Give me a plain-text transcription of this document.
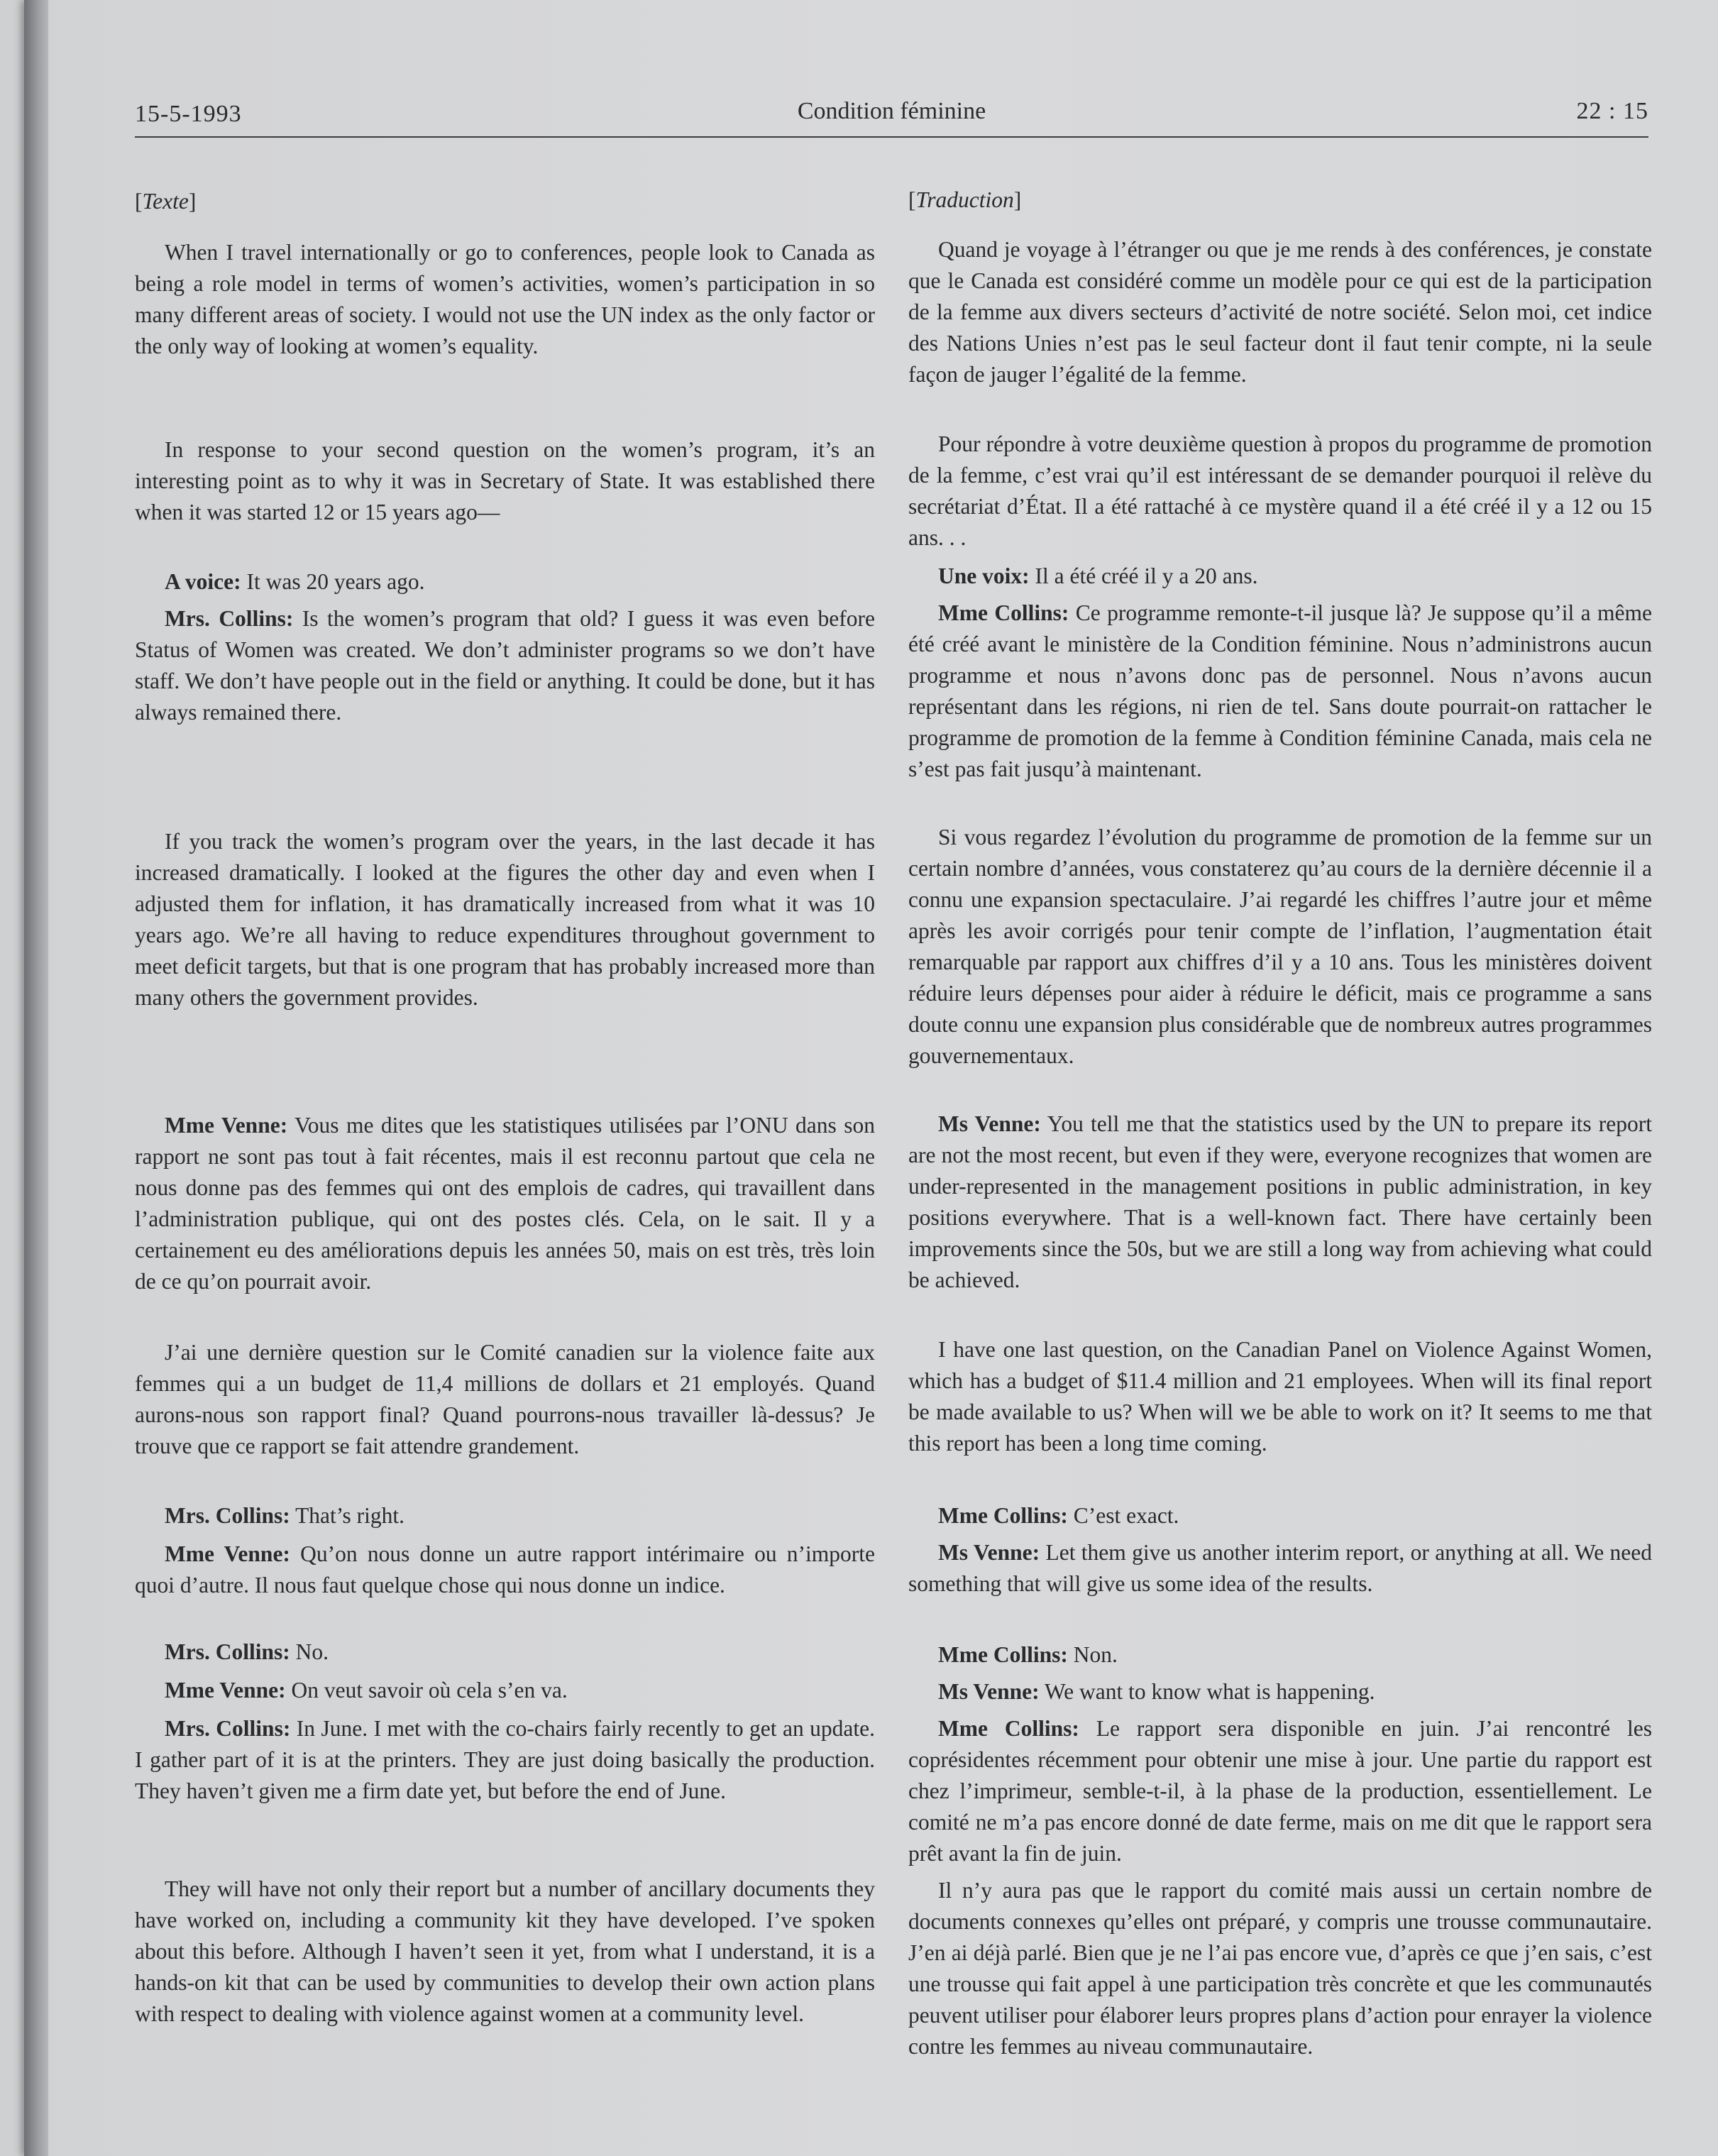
15-5-1993	Condition féminine	22 : 15

[Texte]

When I travel internationally or go to conferences, people look to Canada as being a role model in terms of women’s activities, women’s participation in so many different areas of society. I would not use the UN index as the only factor or the only way of looking at women’s equality.

In response to your second question on the women’s program, it’s an interesting point as to why it was in Secretary of State. It was established there when it was started 12 or 15 years ago—

A voice: It was 20 years ago.

Mrs. Collins: Is the women’s program that old? I guess it was even before Status of Women was created. We don’t administer programs so we don’t have staff. We don’t have people out in the field or anything. It could be done, but it has always remained there.

If you track the women’s program over the years, in the last decade it has increased dramatically. I looked at the figures the other day and even when I adjusted them for inflation, it has dramatically increased from what it was 10 years ago. We’re all having to reduce expenditures throughout government to meet deficit targets, but that is one program that has probably increased more than many others the government provides.

Mme Venne: Vous me dites que les statistiques utilisées par l’ONU dans son rapport ne sont pas tout à fait récentes, mais il est reconnu partout que cela ne nous donne pas des femmes qui ont des emplois de cadres, qui travaillent dans l’administration publique, qui ont des postes clés. Cela, on le sait. Il y a certainement eu des améliorations depuis les années 50, mais on est très, très loin de ce qu’on pourrait avoir.

J’ai une dernière question sur le Comité canadien sur la violence faite aux femmes qui a un budget de 11,4 millions de dollars et 21 employés. Quand aurons-nous son rapport final? Quand pourrons-nous travailler là-dessus? Je trouve que ce rapport se fait attendre grandement.

Mrs. Collins: That’s right.

Mme Venne: Qu’on nous donne un autre rapport intérimaire ou n’importe quoi d’autre. Il nous faut quelque chose qui nous donne un indice.

Mrs. Collins: No.

Mme Venne: On veut savoir où cela s’en va.

Mrs. Collins: In June. I met with the co-chairs fairly recently to get an update. I gather part of it is at the printers. They are just doing basically the production. They haven’t given me a firm date yet, but before the end of June.

They will have not only their report but a number of ancillary documents they have worked on, including a community kit they have developed. I’ve spoken about this before. Although I haven’t seen it yet, from what I understand, it is a hands-on kit that can be used by communities to develop their own action plans with respect to dealing with violence against women at a community level.

[Traduction]

Quand je voyage à l’étranger ou que je me rends à des conférences, je constate que le Canada est considéré comme un modèle pour ce qui est de la participation de la femme aux divers secteurs d’activité de notre société. Selon moi, cet indice des Nations Unies n’est pas le seul facteur dont il faut tenir compte, ni la seule façon de jauger l’égalité de la femme.

Pour répondre à votre deuxième question à propos du programme de promotion de la femme, c’est vrai qu’il est intéressant de se demander pourquoi il relève du secrétariat d’État. Il a été rattaché à ce mystère quand il a été créé il y a 12 ou 15 ans. . .

Une voix: Il a été créé il y a 20 ans.

Mme Collins: Ce programme remonte-t-il jusque là? Je suppose qu’il a même été créé avant le ministère de la Condition féminine. Nous n’administrons aucun programme et nous n’avons donc pas de personnel. Nous n’avons aucun représentant dans les régions, ni rien de tel. Sans doute pourrait-on rattacher le programme de promotion de la femme à Condition féminine Canada, mais cela ne s’est pas fait jusqu’à maintenant.

Si vous regardez l’évolution du programme de promotion de la femme sur un certain nombre d’années, vous constaterez qu’au cours de la dernière décennie il a connu une expansion spectaculaire. J’ai regardé les chiffres l’autre jour et même après les avoir corrigés pour tenir compte de l’inflation, l’augmentation était remarquable par rapport aux chiffres d’il y a 10 ans. Tous les ministères doivent réduire leurs dépenses pour aider à réduire le déficit, mais ce programme a sans doute connu une expansion plus considérable que de nombreux autres programmes gouvernementaux.

Ms Venne: You tell me that the statistics used by the UN to prepare its report are not the most recent, but even if they were, everyone recognizes that women are under-represented in the management positions in public administration, in key positions everywhere. That is a well-known fact. There have certainly been improvements since the 50s, but we are still a long way from achieving what could be achieved.

I have one last question, on the Canadian Panel on Violence Against Women, which has a budget of $11.4 million and 21 employees. When will its final report be made available to us? When will we be able to work on it? It seems to me that this report has been a long time coming.

Mme Collins: C’est exact.

Ms Venne: Let them give us another interim report, or anything at all. We need something that will give us some idea of the results.

Mme Collins: Non.

Ms Venne: We want to know what is happening.

Mme Collins: Le rapport sera disponible en juin. J’ai rencontré les coprésidentes récemment pour obtenir une mise à jour. Une partie du rapport est chez l’imprimeur, semble-t-il, à la phase de la production, essentiellement. Le comité ne m’a pas encore donné de date ferme, mais on me dit que le rapport sera prêt avant la fin de juin.

Il n’y aura pas que le rapport du comité mais aussi un certain nombre de documents connexes qu’elles ont préparé, y compris une trousse communautaire. J’en ai déjà parlé. Bien que je ne l’ai pas encore vue, d’après ce que j’en sais, c’est une trousse qui fait appel à une participation très concrète et que les communautés peuvent utiliser pour élaborer leurs propres plans d’action pour enrayer la violence contre les femmes au niveau communautaire.
